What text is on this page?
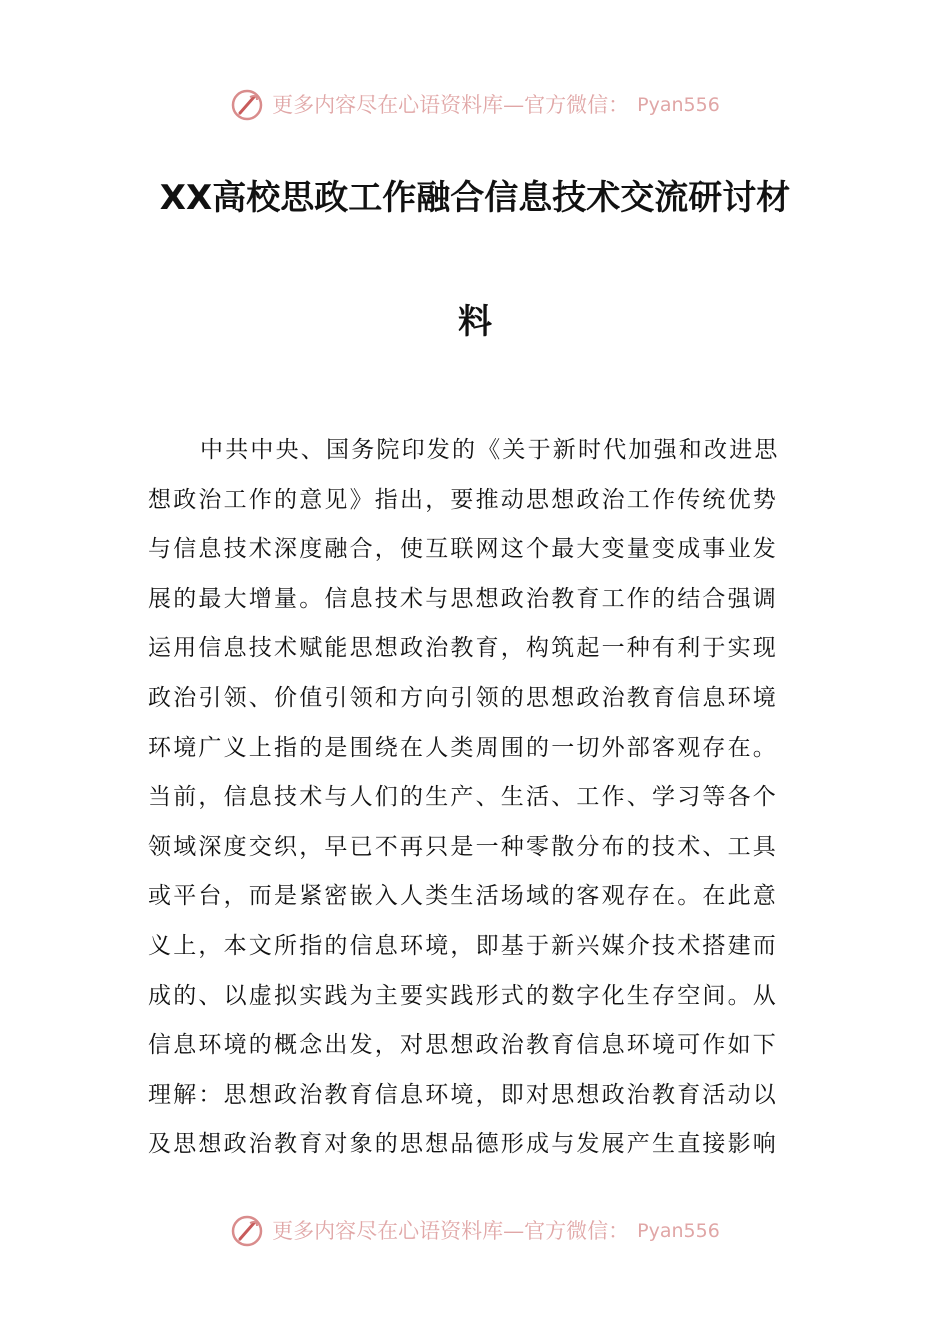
更多内容尽在心语资料库—官方微信： Pyan556
XX高校思政工作融合信息技术交流研讨材
料
中共中央、国务院印发的《关于新时代加强和改进思
想政治工作的意见》指出，要推动思想政治工作传统优势
与信息技术深度融合，使互联网这个最大变量变成事业发
展的最大增量。信息技术与思想政治教育工作的结合强调
运用信息技术赋能思想政治教育，构筑起一种有利于实现
政治引领、价值引领和方向引领的思想政治教育信息环境
环境广义上指的是围绕在人类周围的一切外部客观存在。
当前，信息技术与人们的生产、生活、工作、学习等各个
领域深度交织，早已不再只是一种零散分布的技术、工具
或平台，而是紧密嵌入人类生活场域的客观存在。在此意
义上，本文所指的信息环境，即基于新兴媒介技术搭建而
成的、以虚拟实践为主要实践形式的数字化生存空间。从
信息环境的概念出发，对思想政治教育信息环境可作如下
理解：思想政治教育信息环境，即对思想政治教育活动以
及思想政治教育对象的思想品德形成与发展产生直接影响
更多内容尽在心语资料库—官方微信： Pyan556
